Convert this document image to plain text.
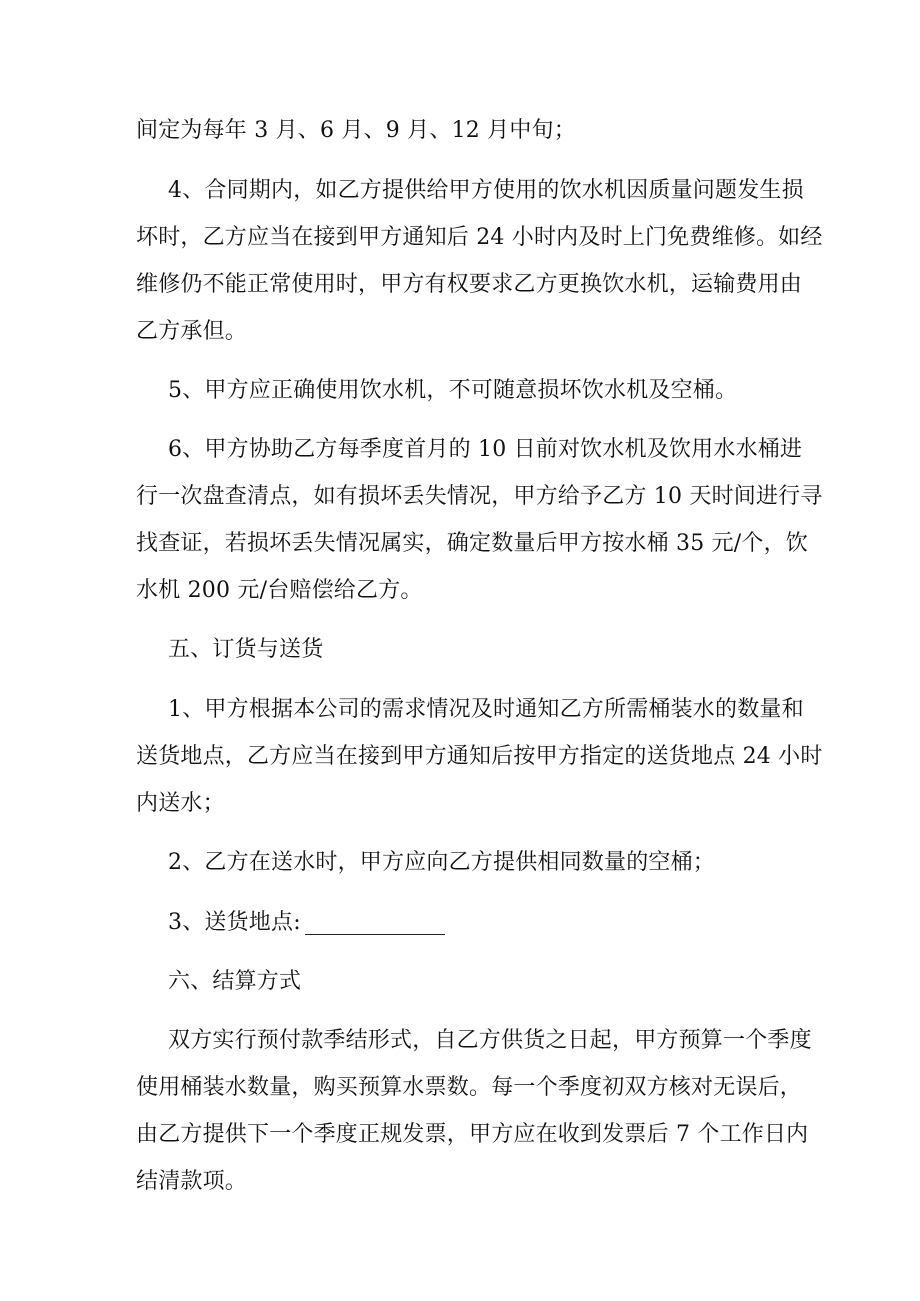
间定为每年 3 月、6 月、9 月、12 月中旬；
4、合同期内，如乙方提供给甲方使用的饮水机因质量问题发生损
坏时，乙方应当在接到甲方通知后 24 小时内及时上门免费维修。如经
维修仍不能正常使用时，甲方有权要求乙方更换饮水机，运输费用由
乙方承但。
5、甲方应正确使用饮水机，不可随意损坏饮水机及空桶。
6、甲方协助乙方每季度首月的 10 日前对饮水机及饮用水水桶进
行一次盘查清点，如有损坏丢失情况，甲方给予乙方 10 天时间进行寻
找查证，若损坏丢失情况属实，确定数量后甲方按水桶 35 元/个，饮
水机 200 元/台赔偿给乙方。
五、订货与送货
1、甲方根据本公司的需求情况及时通知乙方所需桶装水的数量和
送货地点，乙方应当在接到甲方通知后按甲方指定的送货地点 24 小时
内送水；
2、乙方在送水时，甲方应向乙方提供相同数量的空桶；
3、送货地点:
六、结算方式
双方实行预付款季结形式，自乙方供货之日起，甲方预算一个季度
使用桶装水数量，购买预算水票数。每一个季度初双方核对无误后，
由乙方提供下一个季度正规发票，甲方应在收到发票后 7 个工作日内
结清款项。
